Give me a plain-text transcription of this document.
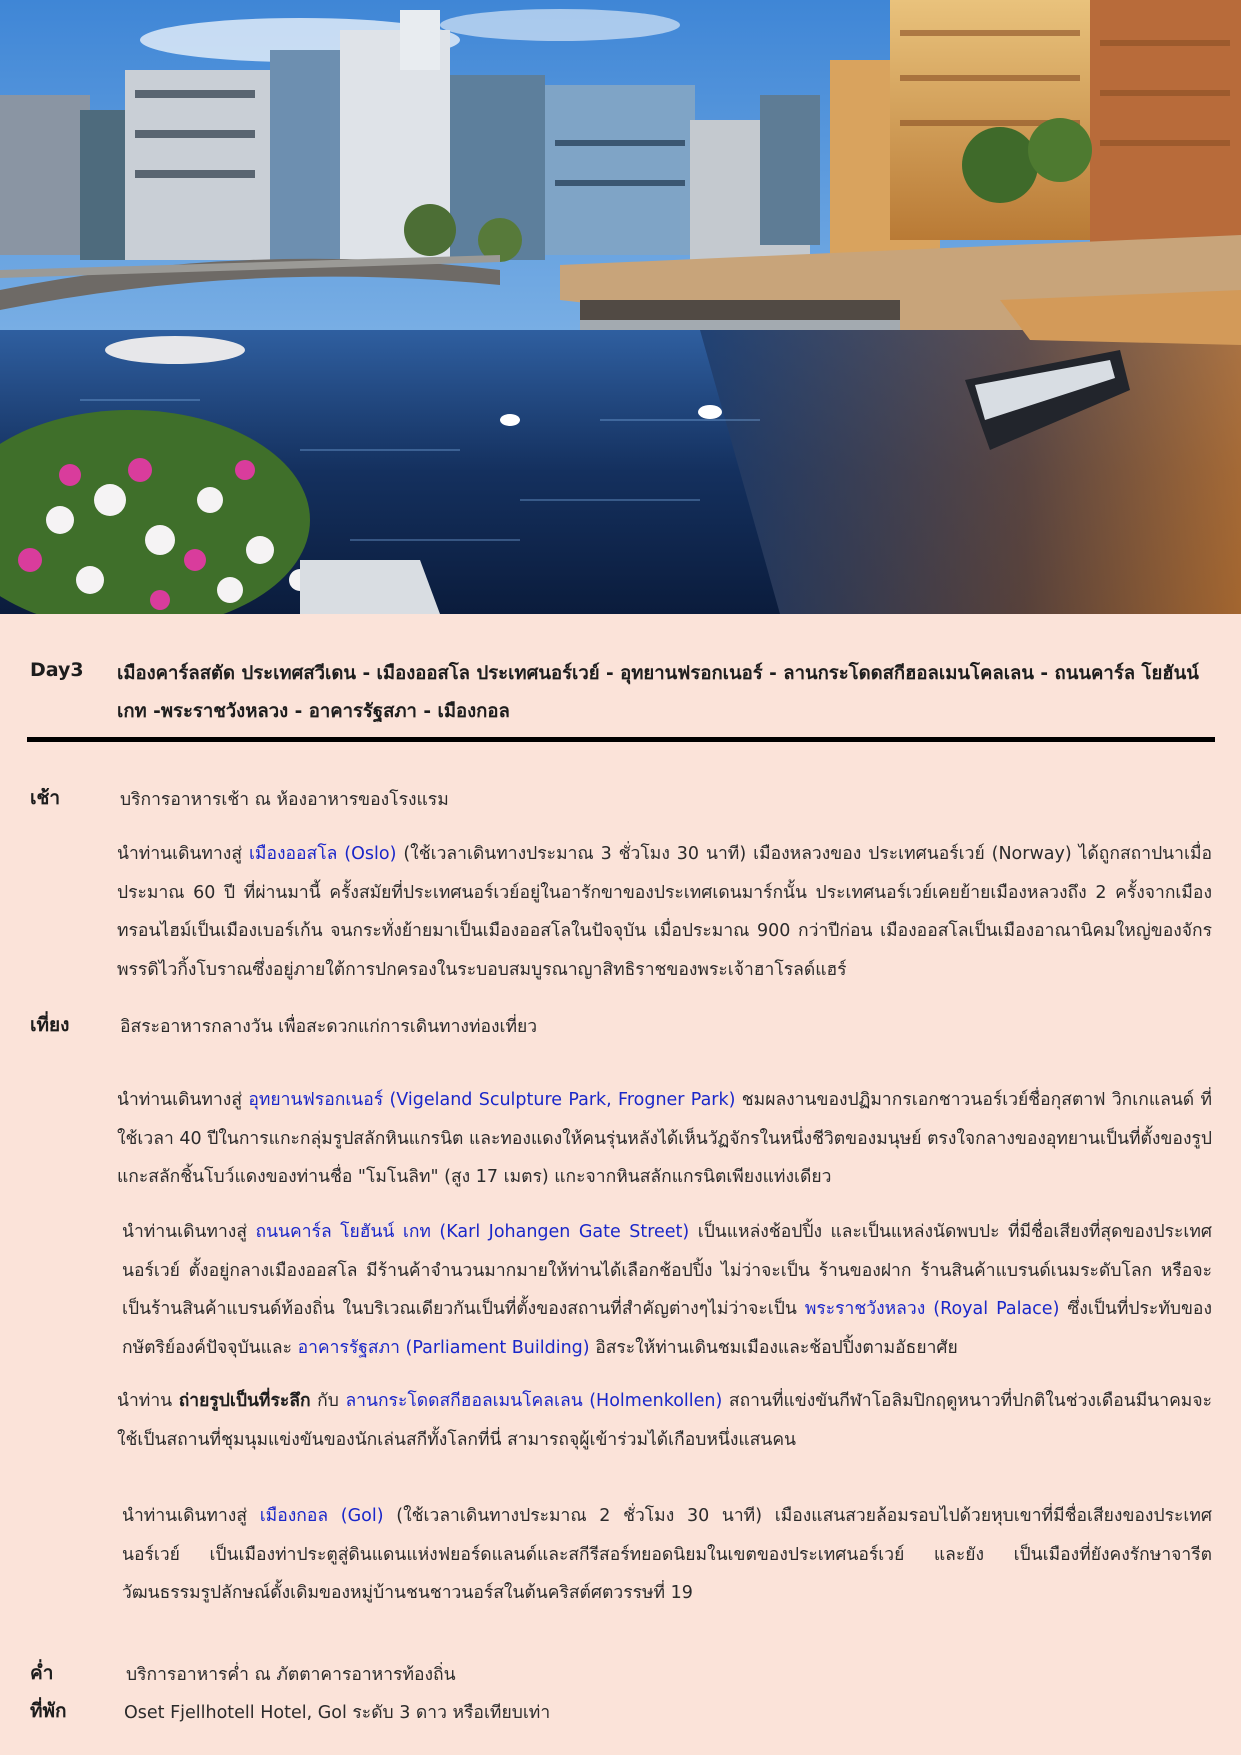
Day3 เมืองคาร์ลสตัด ประเทศสวีเดน - เมืองออสโล ประเทศนอร์เวย์ - อุทยานฟรอกเนอร์ - ลานกระโดดสกีฮอลเมนโคลเลน - ถนนคาร์ล โยฮันน์เกท -พระราชวังหลวง - อาคารรัฐสภา - เมืองกอล
เช้า	บริการอาหารเช้า ณ ห้องอาหารของโรงแรม
นำท่านเดินทางสู่ เมืองออสโล (Oslo) (ใช้เวลาเดินทางประมาณ 3 ชั่วโมง 30 นาที) เมืองหลวงของ ประเทศนอร์เวย์ (Norway) ได้ถูกสถาปนาเมื่อประมาณ 60 ปี ที่ผ่านมานี้ ครั้งสมัยที่ประเทศนอร์เวย์อยู่ในอารักขาของประเทศเดนมาร์กนั้น ประเทศนอร์เวย์เคยย้ายเมืองหลวงถึง 2 ครั้งจากเมืองทรอนไฮม์เป็นเมืองเบอร์เก้น จนกระทั่งย้ายมาเป็นเมืองออสโลในปัจจุบัน เมื่อประมาณ 900 กว่าปีก่อน เมืองออสโลเป็นเมืองอาณานิคมใหญ่ของจักรพรรดิไวกิ้งโบราณซึ่งอยู่ภายใต้การปกครองในระบอบสมบูรณาญาสิทธิราชของพระเจ้าฮาโรลด์แฮร์
เที่ยง	อิสระอาหารกลางวัน เพื่อสะดวกแก่การเดินทางท่องเที่ยว
นำท่านเดินทางสู่ อุทยานฟรอกเนอร์ (Vigeland Sculpture Park, Frogner Park) ชมผลงานของปฏิมากรเอกชาวนอร์เวย์ชื่อกุสตาฟ วิกเกแลนด์ ที่ใช้เวลา 40 ปีในการแกะกลุ่มรูปสลักหินแกรนิต และทองแดงให้คนรุ่นหลังได้เห็นวัฏจักรในหนึ่งชีวิตของมนุษย์ ตรงใจกลางของอุทยานเป็นที่ตั้งของรูปแกะสลักชิ้นโบว์แดงของท่านชื่อ "โมโนลิท" (สูง 17 เมตร) แกะจากหินสลักแกรนิตเพียงแท่งเดียว
นำท่านเดินทางสู่ ถนนคาร์ล โยฮันน์ เกท (Karl Johangen Gate Street) เป็นแหล่งช้อปปิ้ง และเป็นแหล่งนัดพบปะ ที่มีชื่อเสียงที่สุดของประเทศนอร์เวย์ ตั้งอยู่กลางเมืองออสโล มีร้านค้าจำนวนมากมายให้ท่านได้เลือกช้อปปิ้ง ไม่ว่าจะเป็น ร้านของฝาก ร้านสินค้าแบรนด์เนมระดับโลก หรือจะเป็นร้านสินค้าแบรนด์ท้องถิ่น ในบริเวณเดียวกันเป็นที่ตั้งของสถานที่สำคัญต่างๆไม่ว่าจะเป็น พระราชวังหลวง (Royal Palace) ซึ่งเป็นที่ประทับของกษัตริย์องค์ปัจจุบันและ อาคารรัฐสภา (Parliament Building) อิสระให้ท่านเดินชมเมืองและช้อปปิ้งตามอัธยาศัย
นำท่าน ถ่ายรูปเป็นที่ระลึก กับ ลานกระโดดสกีฮอลเมนโคลเลน (Holmenkollen) สถานที่แข่งขันกีฬาโอลิมปิกฤดูหนาวที่ปกติในช่วงเดือนมีนาคมจะใช้เป็นสถานที่ชุมนุมแข่งขันของนักเล่นสกีทั้งโลกที่นี่ สามารถจุผู้เข้าร่วมได้เกือบหนึ่งแสนคน
นำท่านเดินทางสู่ เมืองกอล (Gol) (ใช้เวลาเดินทางประมาณ 2 ชั่วโมง 30 นาที) เมืองแสนสวยล้อมรอบไปด้วยหุบเขาที่มีชื่อเสียงของประเทศนอร์เวย์ เป็นเมืองท่าประตูสู่ดินแดนแห่งฟยอร์ดแลนด์และสกีรีสอร์ทยอดนิยมในเขตของประเทศนอร์เวย์ และยัง เป็นเมืองที่ยังคงรักษาจารีตวัฒนธรรมรูปลักษณ์ดั้งเดิมของหมู่บ้านชนชาวนอร์สในต้นคริสต์ศตวรรษที่ 19
ค่ำ	บริการอาหารค่ำ ณ ภัตตาคารอาหารท้องถิ่น
ที่พัก	Oset Fjellhotell Hotel, Gol ระดับ 3 ดาว หรือเทียบเท่า
